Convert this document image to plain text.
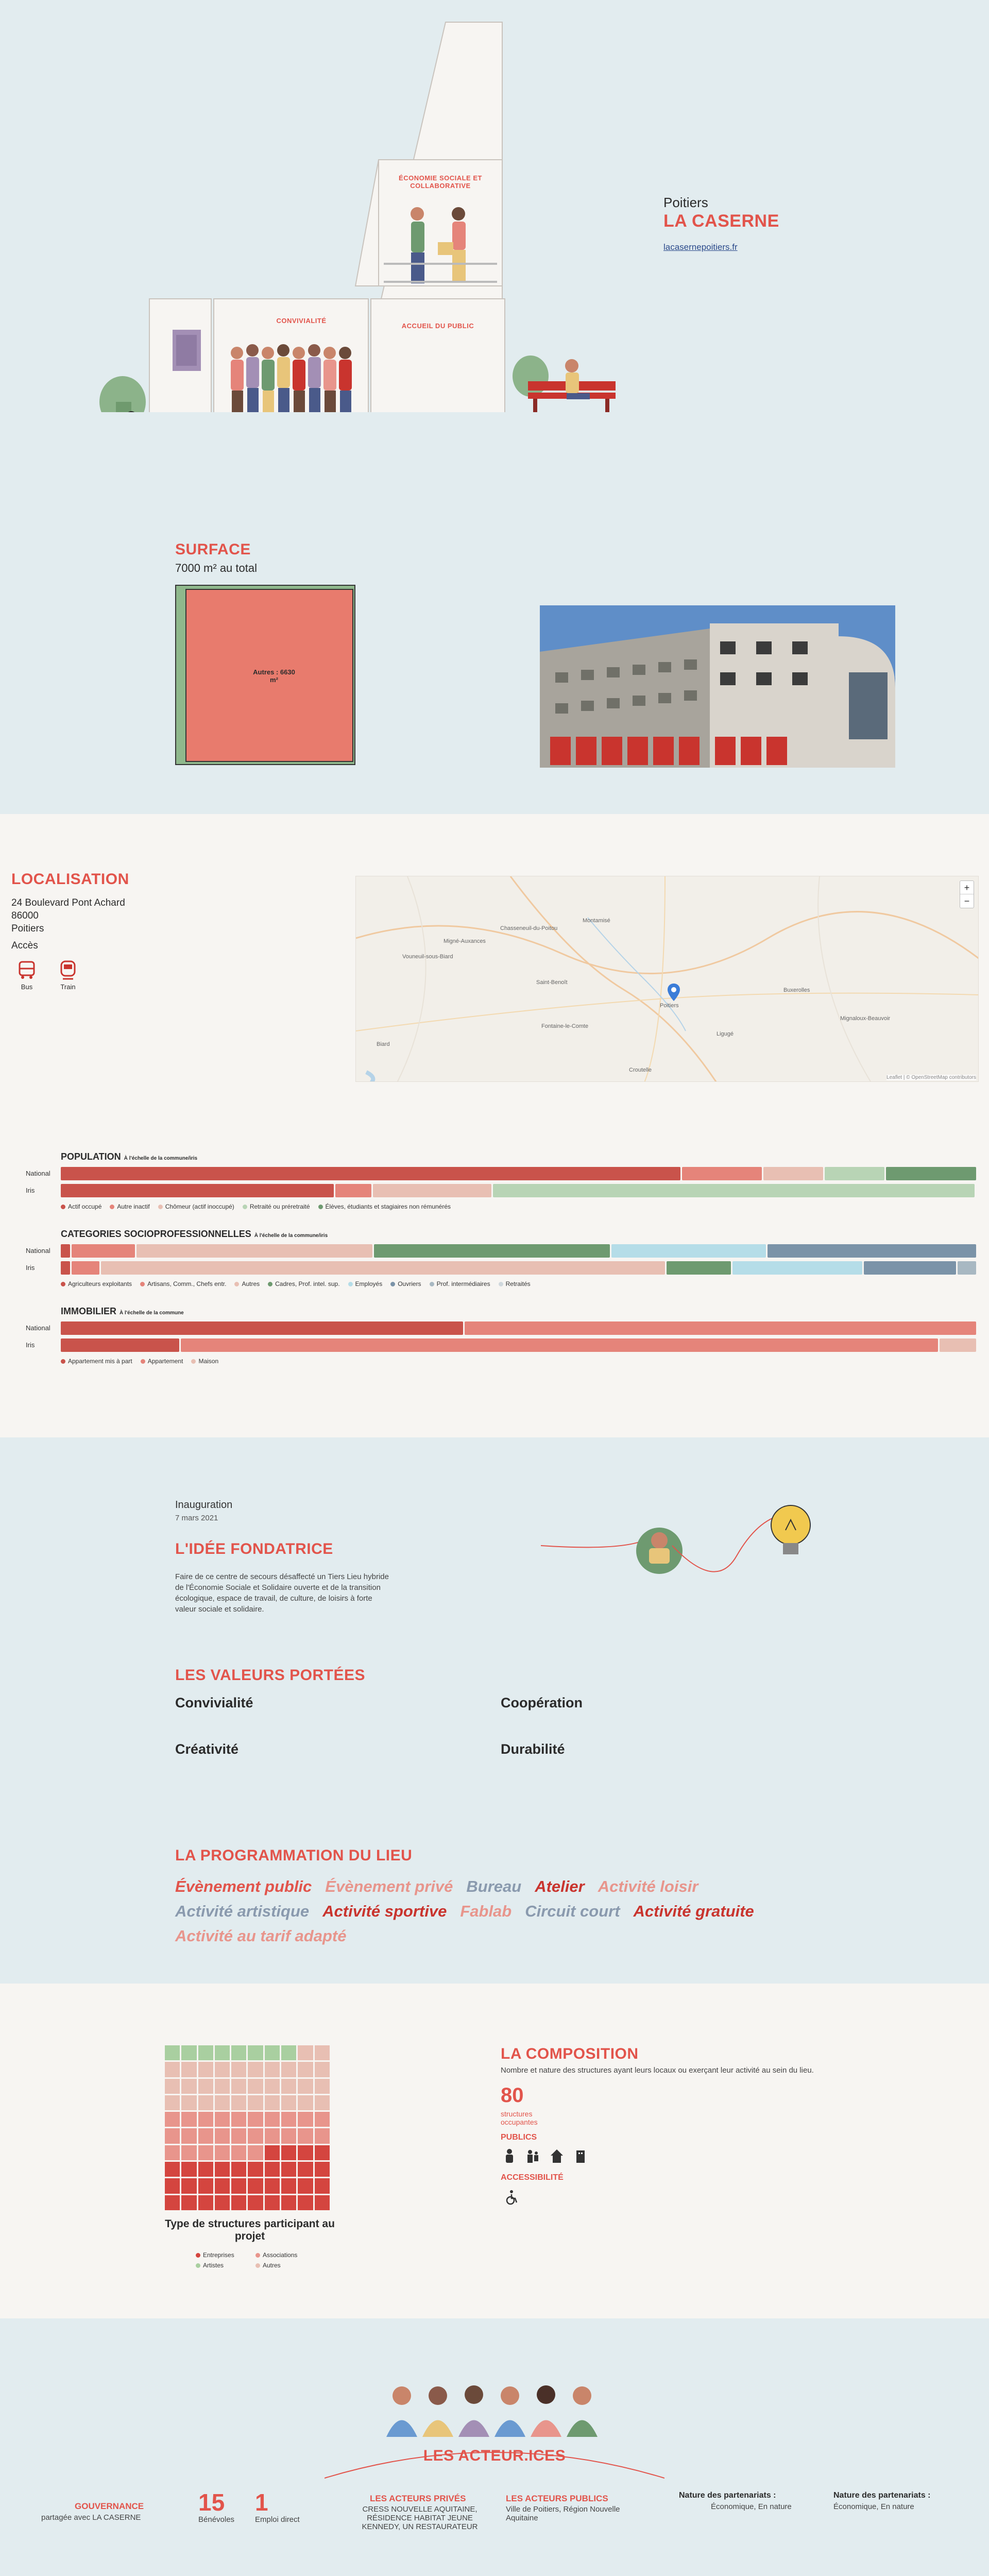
ÉCONOMIE SOCIALE ET COLLABORATIVE
CONVIVIALITÉ
ACCUEIL DU PUBLIC
Poitiers
LA CASERNE
lacasernepoitiers.fr
SURFACE
7000 m² au total
Autres : 6630 m²
LOCALISATION
24 Boulevard Pont Achard
86000
Poitiers
Accès
Bus	Train
Montamisé
Chasseneuil-du-Poitou
Vouneuil-sous-Biard
Saint-Benoît
Poitiers
Buxerolles
Migné-Auxances
Ligugé
Fontaine-le-Comte
Mignaloux-Beauvoir
Croutelle
Biard
+
−
Leaflet | © OpenStreetMap contributors
POPULATION À l'échelle de la commune/iris
National
Iris
Actif occupé	Autre inactif	Chômeur (actif inoccupé)	Retraité ou préretraité	Élèves, étudiants et stagiaires non rémunérés
CATEGORIES SOCIOPROFESSIONNELLES À l'échelle de la commune/iris
National
Iris
Agriculteurs exploitants	Artisans, Comm., Chefs entr.	Autres	Cadres, Prof. intel. sup.	Employés	Ouvriers	Prof. intermédiaires	Retraités
IMMOBILIER À l'échelle de la commune
National
Iris
Appartement mis à part	Appartement	Maison
Inauguration
7 mars 2021
L'IDÉE FONDATRICE
Faire de ce centre de secours désaffecté un Tiers Lieu hybride de l'Économie Sociale et Solidaire ouverte et de la transition écologique, espace de travail, de culture, de loisirs à forte valeur sociale et solidaire.
LES VALEURS PORTÉES
Convivialité	Coopération
Créativité	Durabilité
LA PROGRAMMATION DU LIEU
Évènement public Évènement privé Bureau Atelier Activité loisir
Activité artistique Activité sportive Fablab Circuit court Activité gratuite
Activité au tarif adapté
Type de structures participant au projet
Entreprises	Associations
Artistes	Autres
LA COMPOSITION
Nombre et nature des structures ayant leurs locaux ou exerçant leur activité au sein du lieu.
80
structures occupantes
PUBLICS
ACCESSIBILITÉ
LES ACTEUR.ICES
GOUVERNANCE
partagée avec LA CASERNE
15
Bénévoles
1
Emploi direct
LES ACTEURS PRIVÉS
CRESS NOUVELLE AQUITAINE, RÉSIDENCE HABITAT JEUNE KENNEDY, UN RESTAURATEUR
LES ACTEURS PUBLICS
Ville de Poitiers, Région Nouvelle Aquitaine
Nature des partenariats :
Économique, En nature
Nature des partenariats :
Économique, En nature
